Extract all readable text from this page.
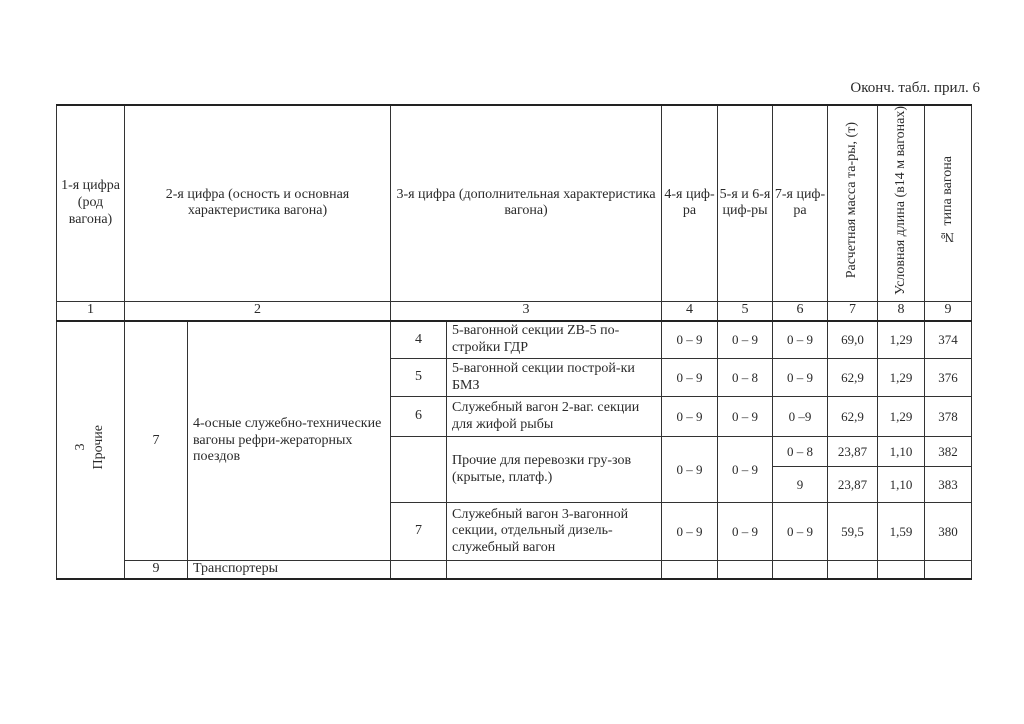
Оконч. табл. прил. 6
1-я цифра (род вагона)	2-я цифра (осность и основная характеристика вагона)		3-я цифра (дополнительная характеристика вагона)		4-я циф-ра	5-я и 6-я циф-ры	7-я циф-ра	Расчетная масса та-ры, (т)	Условная длина (в14 м вагонах)	№ типа вагона
1	2		3		4	5	6	7	8	9
3 Прочие	7	4-осные служебно-технические вагоны рефри-жераторных поездов	4	5-вагонной секции ZB-5 по-стройки ГДР	0 – 9	0 – 9	0 – 9	69,0	1,29	374
			5	5-вагонной секции построй-ки БМЗ	0 – 9	0 – 8	0 – 9	62,9	1,29	376
			6	Служебный вагон 2-ваг. секции для жифой рыбы	0 – 9	0 – 9	0 –9	62,9	1,29	378
				Прочие для перевозки гру-зов (крытые, платф.)	0 – 9	0 – 9	0 – 8	23,87	1,10	382
							9	23,87	1,10	383
			7	Служебный вагон 3-вагонной секции, отдельный дизель-служебный вагон	0 – 9	0 – 9	0 – 9	59,5	1,59	380
	9	Транспортеры								
